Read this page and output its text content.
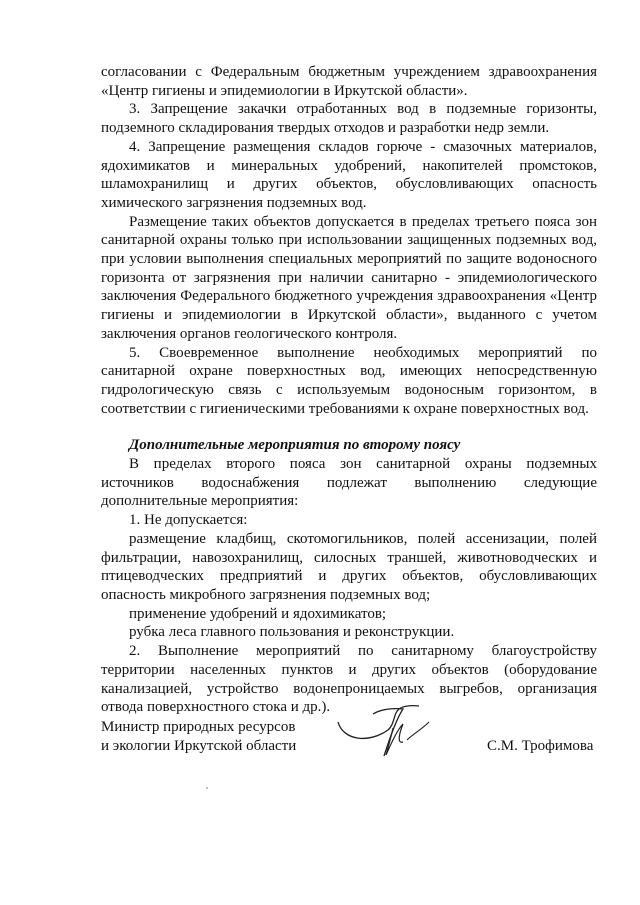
согласовании с Федеральным бюджетным учреждением здравоохранения «Центр гигиены и эпидемиологии в Иркутской области».

3. Запрещение закачки отработанных вод в подземные горизонты, подземного складирования твердых отходов и разработки недр земли.

4. Запрещение размещения складов горюче - смазочных материалов, ядохимикатов и минеральных удобрений, накопителей промстоков, шламохранилищ и других объектов, обусловливающих опасность химического загрязнения подземных вод.

Размещение таких объектов допускается в пределах третьего пояса зон санитарной охраны только при использовании защищенных подземных вод, при условии выполнения специальных мероприятий по защите водоносного горизонта от загрязнения при наличии санитарно - эпидемиологического заключения Федерального бюджетного учреждения здравоохранения «Центр гигиены и эпидемиологии в Иркутской области», выданного с учетом заключения органов геологического контроля.

5. Своевременное выполнение необходимых мероприятий по санитарной охране поверхностных вод, имеющих непосредственную гидрологическую связь с используемым водоносным горизонтом, в соответствии с гигиеническими требованиями к охране поверхностных вод.

Дополнительные мероприятия по второму поясу

В пределах второго пояса зон санитарной охраны подземных источников водоснабжения подлежат выполнению следующие дополнительные мероприятия:

1. Не допускается:

размещение кладбищ, скотомогильников, полей ассенизации, полей фильтрации, навозохранилищ, силосных траншей, животноводческих и птицеводческих предприятий и других объектов, обусловливающих опасность микробного загрязнения подземных вод;

применение удобрений и ядохимикатов;

рубка леса главного пользования и реконструкции.

2. Выполнение мероприятий по санитарному благоустройству территории населенных пунктов и других объектов (оборудование канализацией, устройство водонепроницаемых выгребов, организация отвода поверхностного стока и др.).

Министр природных ресурсов
и экологии Иркутской области	С.М. Трофимова
